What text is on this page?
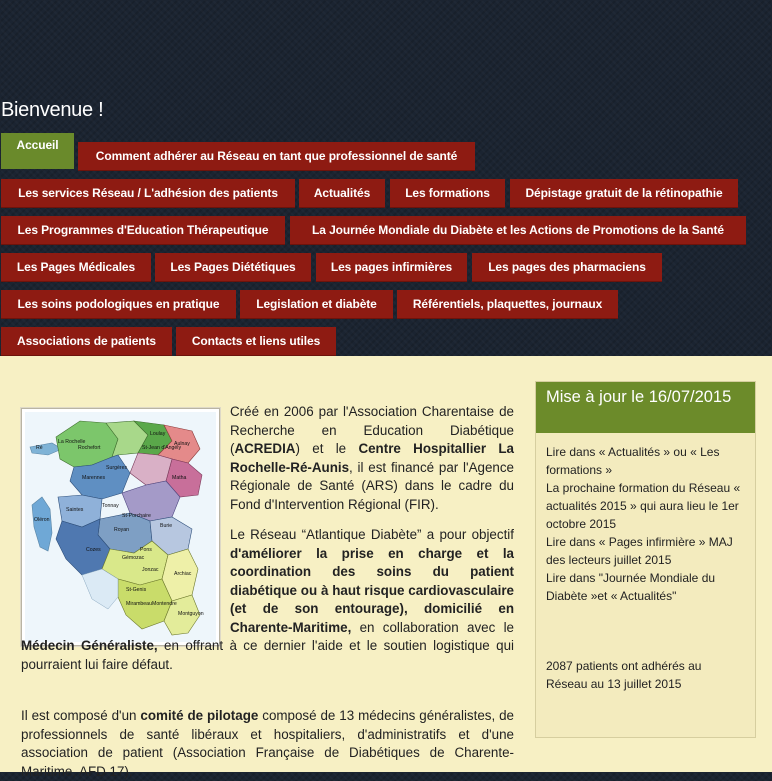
Bienvenue !
Accueil
Comment adhérer au Réseau en tant que professionnel de santé
Les services Réseau / L'adhésion des patients	Actualités	Les formations	Dépistage gratuit de la rétinopathie
Les Programmes d'Education Thérapeutique	La Journée Mondiale du Diabète et les Actions de Promotions de la Santé
Les Pages Médicales	Les Pages Diététiques	Les pages infirmières	Les pages des pharmaciens
Les soins podologiques en pratique	Legislation et diabète	Référentiels, plaquettes, journaux
Associations de patients	Contacts et liens utiles
La Rochelle
Rochefort
Marennes
Saintes
Royan
Jonzac
St-Jean d'Angély
Surgères
Matha
Pons
Montendre
Montguyon
Cozes
Gémozac
Aulnay
Loulay
Tonnay
Ré
Oléron
Burie
St-Porchaire
Mirambeau
St-Genis
Archiac
Créé en 2006 par l'Association Charentaise de Recherche en Education Diabétique (ACREDIA) et le Centre Hospitallier La Rochelle-Ré-Aunis, il est financé par l'Agence Régionale de Santé (ARS) dans le cadre du Fond d'Intervention Régional (FIR).
Le Réseau “Atlantique Diabète” a pour objectif d'améliorer la prise en charge et la coordination des soins du patient diabétique ou à haut risque cardiovasculaire (et de son entourage), domicilié en Charente-Maritime, en collaboration avec le Médecin Généraliste, en offrant à ce dernier l'aide et le soutien logistique qui pourraient lui faire défaut.
Il est composé d'un comité de pilotage composé de 13 médecins généralistes, de professionnels de santé libéraux et hospitaliers, d'administratifs et d'une association de patient (Association Française de Diabétiques de Charente-Maritime, AFD 17).
Mise à jour le 16/07/2015
Lire dans « Actualités » ou « Les formations »
La prochaine formation du Réseau « actualités 2015 » qui aura lieu le 1er octobre 2015
Lire dans « Pages infirmière » MAJ des lecteurs juillet 2015
Lire dans "Journée Mondiale du Diabète »et « Actualités"
2087 patients ont adhérés au Réseau au 13 juillet 2015
